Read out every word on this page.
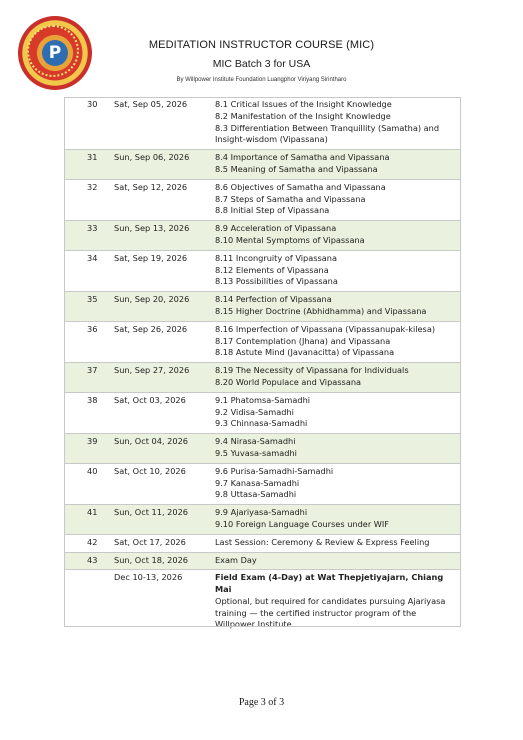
P	MEDITATION INSTRUCTOR COURSE (MIC)
MIC Batch 3 for USA
By Willpower Institute Foundation Luangphor Viriyang Sirintharo
30	Sat, Sep 05, 2026	8.1 Critical Issues of the Insight Knowledge
8.2 Manifestation of the Insight Knowledge
8.3 Differentiation Between Tranquillity (Samatha) and Insight-wisdom (Vipassana)

31	Sun, Sep 06, 2026	8.4 Importance of Samatha and Vipassana
8.5 Meaning of Samatha and Vipassana

32	Sat, Sep 12, 2026	8.6 Objectives of Samatha and Vipassana
8.7 Steps of Samatha and Vipassana
8.8 Initial Step of Vipassana

33	Sun, Sep 13, 2026	8.9 Acceleration of Vipassana
8.10 Mental Symptoms of Vipassana

34	Sat, Sep 19, 2026	8.11 Incongruity of Vipassana
8.12 Elements of Vipassana
8.13 Possibilities of Vipassana

35	Sun, Sep 20, 2026	8.14 Perfection of Vipassana
8.15 Higher Doctrine (Abhidhamma) and Vipassana

36	Sat, Sep 26, 2026	8.16 Imperfection of Vipassana (Vipassanupak-kilesa)
8.17 Contemplation (Jhana) and Vipassana
8.18 Astute Mind (Javanacitta) of Vipassana

37	Sun, Sep 27, 2026	8.19 The Necessity of Vipassana for Individuals
8.20 World Populace and Vipassana

38	Sat, Oct 03, 2026	9.1 Phatomsa-Samadhi
9.2 Vidisa-Samadhi
9.3 Chinnasa-Samadhi

39	Sun, Oct 04, 2026	9.4 Nirasa-Samadhi
9.5 Yuvasa-samadhi

40	Sat, Oct 10, 2026	9.6 Purisa-Samadhi-Samadhi
9.7 Kanasa-Samadhi
9.8 Uttasa-Samadhi

41	Sun, Oct 11, 2026	9.9 Ajariyasa-Samadhi
9.10 Foreign Language Courses under WIF

42	Sat, Oct 17, 2026	Last Session: Ceremony & Review & Express Feeling

43	Sun, Oct 18, 2026	Exam Day

	Dec 10-13, 2026	Field Exam (4-Day) at Wat Thepjetiyajarn, Chiang Mai
Optional, but required for candidates pursuing Ajariyasa training — the certified instructor program of the Willpower Institute.
Page 3 of 3
